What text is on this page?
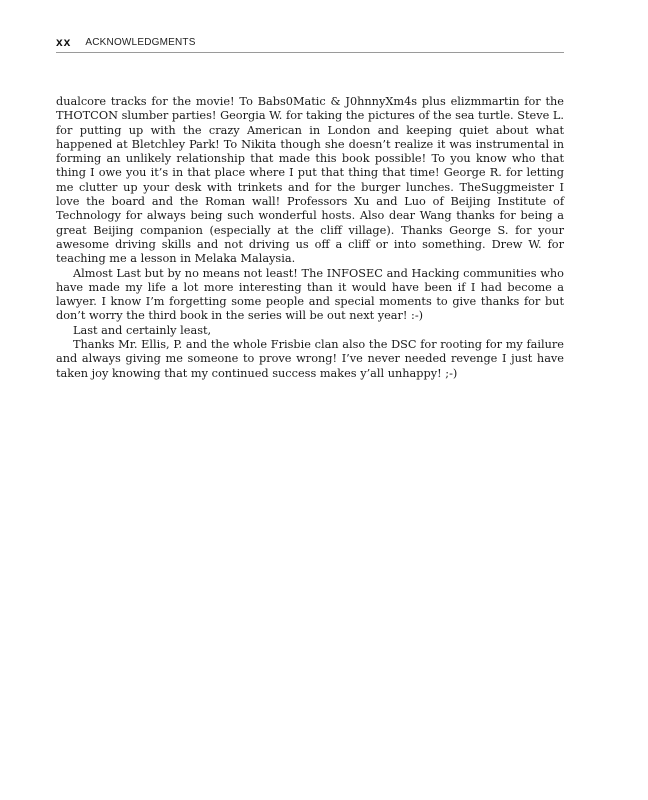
xx ACKNOWLEDGMENTS

dualcore tracks for the movie! To Babs0Matic & J0hnnyXm4s plus elizmmartin for the THOTCON slumber parties! Georgia W. for taking the pictures of the sea turtle. Steve L. for putting up with the crazy American in London and keeping quiet about what happened at Bletchley Park! To Nikita though she doesn’t realize it was instrumental in forming an unlikely relationship that made this book possible! To you know who that thing I owe you it’s in that place where I put that thing that time! George R. for letting me clutter up your desk with trinkets and for the burger lunches. TheSuggmeister I love the board and the Roman wall! Professors Xu and Luo of Beijing Institute of Technology for always being such wonderful hosts. Also dear Wang thanks for being a great Beijing companion (especially at the cliff village). Thanks George S. for your awesome driving skills and not driving us off a cliff or into something. Drew W. for teaching me a lesson in Melaka Malaysia.

Almost Last but by no means not least! The INFOSEC and Hacking communities who have made my life a lot more interesting than it would have been if I had become a lawyer. I know I’m forgetting some people and special moments to give thanks for but don’t worry the third book in the series will be out next year! :-)

Last and certainly least,

Thanks Mr. Ellis, P. and the whole Frisbie clan also the DSC for rooting for my failure and always giving me someone to prove wrong! I’ve never needed revenge I just have taken joy knowing that my continued success makes y’all unhappy! ;-)
